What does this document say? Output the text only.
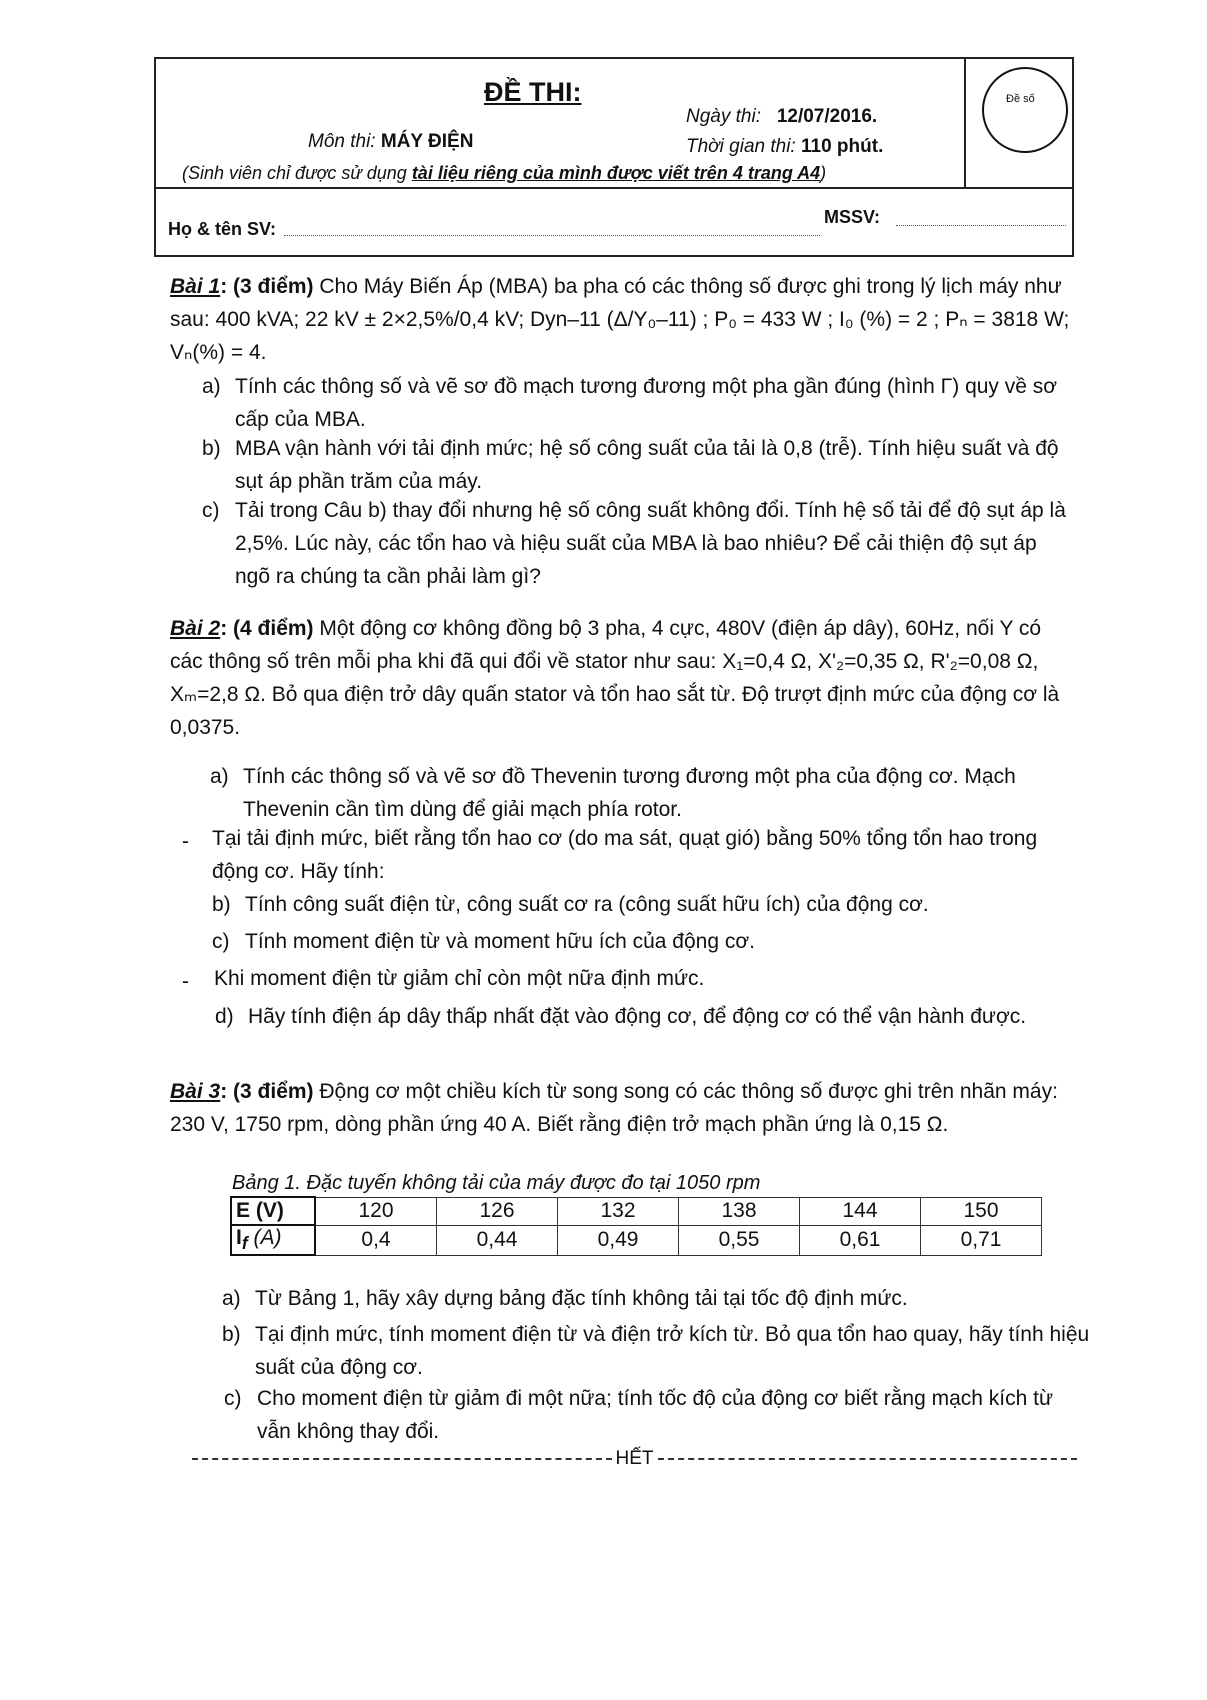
Đề số
ĐỀ THI:
Môn thi: MÁY ĐIỆN
Ngày thi: 12/07/2016.
Thời gian thi: 110 phút.
(Sinh viên chỉ được sử dụng tài liệu riêng của mình được viết trên 4 trang A4)
Họ & tên SV:
MSSV:
Bài 1: (3 điểm) Cho Máy Biến Áp (MBA) ba pha có các thông số được ghi trong lý lịch máy như sau: 400 kVA; 22 kV ± 2×2,5%/0,4 kV; Dyn–11 (Δ/Y₀–11) ; P₀ = 433 W ; I₀ (%) = 2 ; Pₙ = 3818 W; Vₙ(%) = 4.
a) Tính các thông số và vẽ sơ đồ mạch tương đương một pha gần đúng (hình Γ) quy về sơ cấp của MBA.
b) MBA vận hành với tải định mức; hệ số công suất của tải là 0,8 (trễ). Tính hiệu suất và độ sụt áp phần trăm của máy.
c) Tải trong Câu b) thay đổi nhưng hệ số công suất không đổi. Tính hệ số tải để độ sụt áp là 2,5%. Lúc này, các tổn hao và hiệu suất của MBA là bao nhiêu? Để cải thiện độ sụt áp ngõ ra chúng ta cần phải làm gì?
Bài 2: (4 điểm) Một động cơ không đồng bộ 3 pha, 4 cực, 480V (điện áp dây), 60Hz, nối Y có các thông số trên mỗi pha khi đã qui đổi về stator như sau: X₁=0,4 Ω, X'₂=0,35 Ω, R'₂=0,08 Ω, Xₘ=2,8 Ω. Bỏ qua điện trở dây quấn stator và tổn hao sắt từ. Độ trượt định mức của động cơ là 0,0375.
a) Tính các thông số và vẽ sơ đồ Thevenin tương đương một pha của động cơ. Mạch Thevenin cần tìm dùng để giải mạch phía rotor.
- Tại tải định mức, biết rằng tổn hao cơ (do ma sát, quạt gió) bằng 50% tổng tổn hao trong động cơ. Hãy tính:
b) Tính công suất điện từ, công suất cơ ra (công suất hữu ích) của động cơ.
c) Tính moment điện từ và moment hữu ích của động cơ.
- Khi moment điện từ giảm chỉ còn một nữa định mức.
d) Hãy tính điện áp dây thấp nhất đặt vào động cơ, để động cơ có thể vận hành được.
Bài 3: (3 điểm) Động cơ một chiều kích từ song song có các thông số được ghi trên nhãn máy: 230 V, 1750 rpm, dòng phần ứng 40 A. Biết rằng điện trở mạch phần ứng là 0,15 Ω.
Bảng 1. Đặc tuyến không tải của máy được đo tại 1050 rpm
E (V)	120	126	132	138	144	150
$I_f$ (A)	0,4	0,44	0,49	0,55	0,61	0,71
a) Từ Bảng 1, hãy xây dựng bảng đặc tính không tải tại tốc độ định mức.
b) Tại định mức, tính moment điện từ và điện trở kích từ. Bỏ qua tổn hao quay, hãy tính hiệu suất của động cơ.
c) Cho moment điện từ giảm đi một nữa; tính tốc độ của động cơ biết rằng mạch kích từ vẫn không thay đổi.
HẾT
